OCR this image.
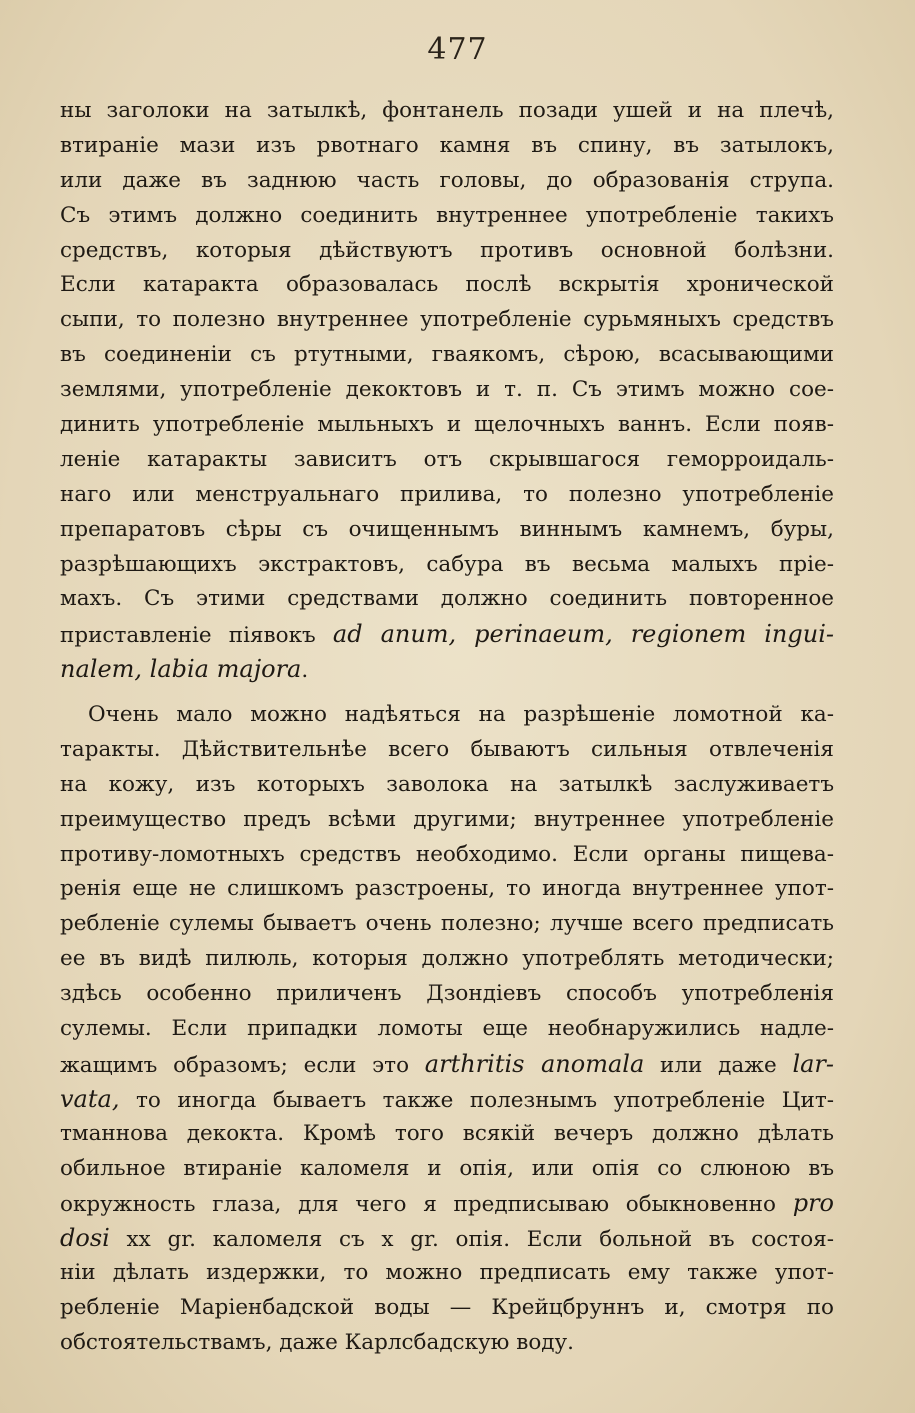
477
ны заголоки на затылкѣ, фонтанель позади ушей и на плечѣ,
втираніе мази изъ рвотнаго камня въ спину, въ затылокъ,
или даже въ заднюю часть головы, до образованія струпа.
Съ этимъ должно соединить внутреннее употребленіе такихъ
средствъ, которыя дѣйствуютъ противъ основной болѣзни.
Если катаракта образовалась послѣ вскрытія хронической
сыпи, то полезно внутреннее употребленіе сурьмяныхъ средствъ
въ соединеніи съ ртутными, гваякомъ, сѣрою, всасывающими
землями, употребленіе декоктовъ и т. п. Съ этимъ можно сое-
динить употребленіе мыльныхъ и щелочныхъ ваннъ. Если появ-
леніе катаракты зависитъ отъ скрывшагося геморроидаль-
наго или менструальнаго прилива, то полезно употребленіе
препаратовъ сѣры съ очищеннымъ виннымъ камнемъ, буры,
разрѣшающихъ экстрактовъ, сабура въ весьма малыхъ пріе-
махъ. Съ этими средствами должно соединить повторенное
приставленіе піявокъ ad anum, perinaeum, regionem ingui-
nalem, labia majora.
Очень мало можно надѣяться на разрѣшеніе ломотной ка-
таракты. Дѣйствительнѣе всего бываютъ сильныя отвлеченія
на кожу, изъ которыхъ заволока на затылкѣ заслуживаетъ
преимущество предъ всѣми другими; внутреннее употребленіе
противу-ломотныхъ средствъ необходимо. Если органы пищева-
ренія еще не слишкомъ разстроены, то иногда внутреннее упот-
ребленіе сулемы бываетъ очень полезно; лучше всего предписать
ее въ видѣ пилюль, которыя должно употреблять методически;
здѣсь особенно приличенъ Дзондіевъ способъ употребленія
сулемы. Если припадки ломоты еще необнаружились надле-
жащимъ образомъ; если это arthritis anomala или даже lar-
vata, то иногда бываетъ также полезнымъ употребленіе Цит-
тманнова декокта. Кромѣ того всякій вечеръ должно дѣлать
обильное втираніе каломеля и опія, или опія со слюною въ
окружность глаза, для чего я предписываю обыкновенно pro
dosi xx gr. каломеля съ x gr. опія. Если больной въ состоя-
ніи дѣлать издержки, то можно предписать ему также упот-
ребленіе Маріенбадской воды — Крейцбруннъ и, смотря по
обстоятельствамъ, даже Карлсбадскую воду.
